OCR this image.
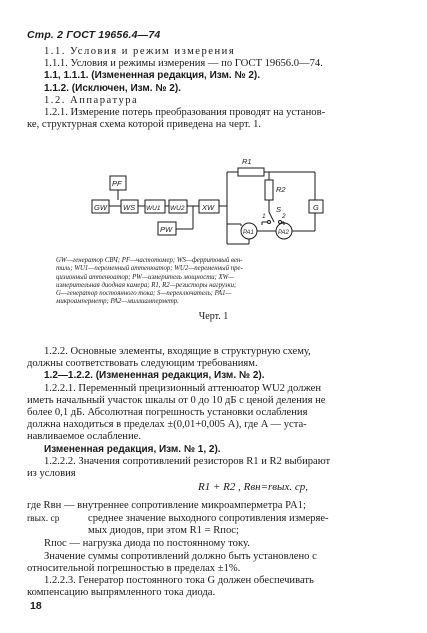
Стр. 2 ГОСТ 19656.4—74
1.1. Условия и режим измерения
1.1.1. Условия и режимы измерения — по ГОСТ 19656.0—74.
1.1, 1.1.1. (Измененная редакция, Изм. № 2).
1.1.2. (Исключен, Изм. № 2).
1.2. Аппаратура
1.2.1. Измерение потерь преобразования проводят на установ-
ке, структурная схема которой приведена на черт. 1.
PF
GW WS WU1 WU2 XW
PW
G
R1
R2
S
1	2
PA1	PA2
GW—генератор СВЧ; PF—частотомер; WS—ферритовый вен-
тиль; WU1—переменный аттенюатор; WU2—переменный пре-
цизионный аттенюатор; PW—измеритель мощности; XW—
измерительная диодная камера; R1, R2—резисторы нагрузки;
G—генератор постоянного тока; S—переключатель; PA1—
микроамперметр; PA2—миллиамперметр.
Черт. 1
1.2.2. Основные элементы, входящие в структурную схему,
должны соответствовать следующим требованиям.
1.2—1.2.2. (Измененная редакция, Изм. № 2).
1.2.2.1. Переменный прецизионный аттенюатор WU2 должен
иметь начальный участок шкалы от 0 до 10 дБ с ценой деления не
более 0,1 дБ. Абсолютная погрешность установки ослабления
должна находиться в пределах ±(0,01+0,005 A), где A — уста-
навливаемое ослабление.
Измененная редакция, Изм. № 1, 2).
1.2.2.2. Значения сопротивлений резисторов R1 и R2 выбирают
из условия
R1 + R2 , Rвн=rвых. ср,
где Rвн — внутреннее сопротивление микроамперметра PA1;
rвых. ср	среднее значение выходного сопротивления измеряе-
мых диодов, при этом R1 = Rпоc;
Rпоc — нагрузка диода по постоянному току.
Значение суммы сопротивлений должно быть установлено с
относительной погрешностью в пределах ±1%.
1.2.2.3. Генератор постоянного тока G должен обеспечивать
компенсацию выпрямленного тока диода.
18
